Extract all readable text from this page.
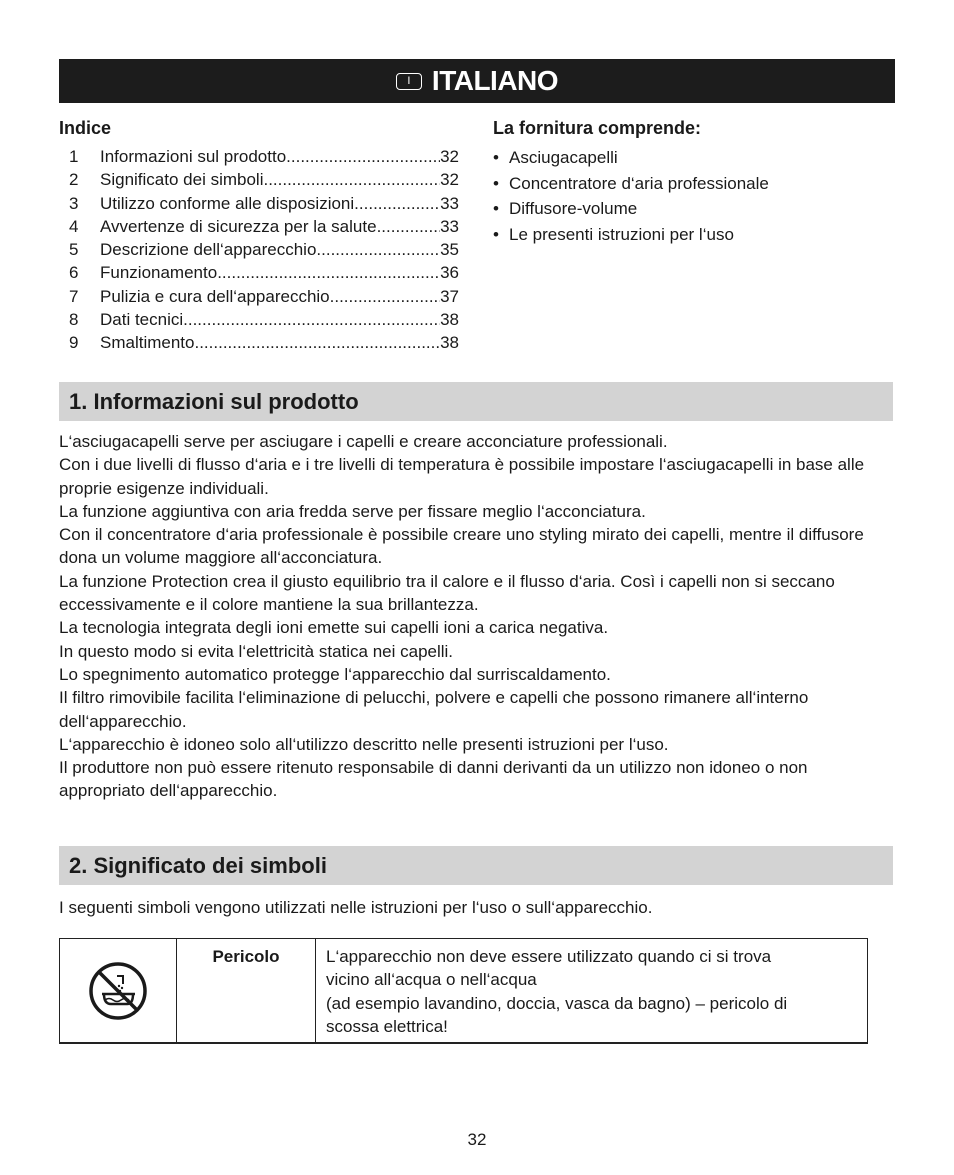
I ITALIANO
Indice
1	Informazioni sul prodotto .....	32
2	Significato dei simboli .....	32
3	Utilizzo conforme alle disposizioni .....	33
4	Avvertenze di sicurezza per la salute .....	33
5	Descrizione dell‘apparecchio .....	35
6	Funzionamento .....	36
7	Pulizia e cura dell‘apparecchio .....	37
8	Dati tecnici .....	38
9	Smaltimento .....	38
La fornitura comprende:
• Asciugacapelli
• Concentratore d‘aria professionale
• Diffusore-volume
• Le presenti istruzioni per l‘uso
1. Informazioni sul prodotto

L‘asciugacapelli serve per asciugare i capelli e creare acconciature professionali.

Con i due livelli di flusso d‘aria e i tre livelli di temperatura è possibile impostare l‘asciugacapelli in base alle proprie esigenze individuali.

La funzione aggiuntiva con aria fredda serve per fissare meglio l‘acconciatura.

Con il concentratore d‘aria professionale è possibile creare uno styling mirato dei capelli, mentre il diffusore dona un volume maggiore all‘acconciatura.

La funzione Protection crea il giusto equilibrio tra il calore e il flusso d‘aria. Così i capelli non si seccano eccessivamente e il colore mantiene la sua brillantezza.

La tecnologia integrata degli ioni emette sui capelli ioni a carica negativa.

In questo modo si evita l‘elettricità statica nei capelli.

Lo spegnimento automatico protegge l‘apparecchio dal surriscaldamento.

Il filtro rimovibile facilita l‘eliminazione di pelucchi, polvere e capelli che possono rimanere all‘interno dell‘apparecchio.

L‘apparecchio è idoneo solo all‘utilizzo descritto nelle presenti istruzioni per l‘uso.

Il produttore non può essere ritenuto responsabile di danni derivanti da un utilizzo non idoneo o non appropriato dell‘apparecchio.

2. Significato dei simboli
I seguenti simboli vengono utilizzati nelle istruzioni per l‘uso o sull‘apparecchio.
Pericolo	L‘apparecchio non deve essere utilizzato quando ci si trova
vicino all‘acqua o nell‘acqua
(ad esempio lavandino, doccia, vasca da bagno) – pericolo di
scossa elettrica!
32
